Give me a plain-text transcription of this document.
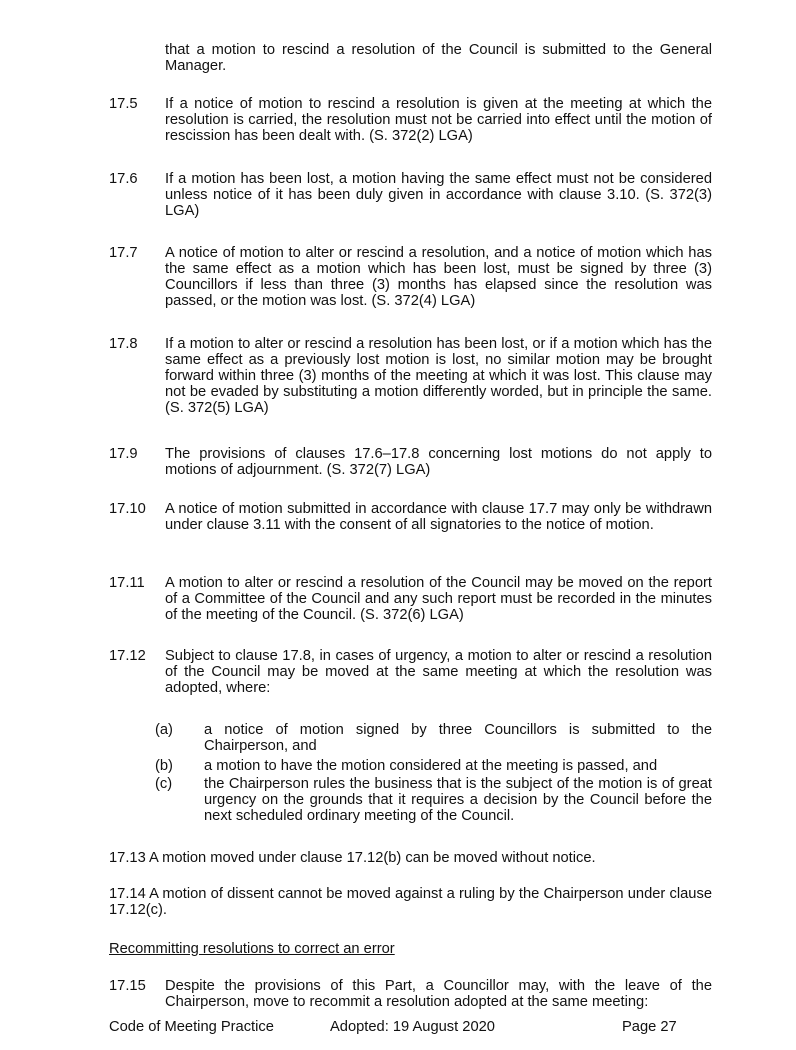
that a motion to rescind a resolution of the Council is submitted to the General Manager.
17.5 If a notice of motion to rescind a resolution is given at the meeting at which the resolution is carried, the resolution must not be carried into effect until the motion of rescission has been dealt with. (S. 372(2) LGA)
17.6 If a motion has been lost, a motion having the same effect must not be considered unless notice of it has been duly given in accordance with clause 3.10. (S. 372(3) LGA)
17.7 A notice of motion to alter or rescind a resolution, and a notice of motion which has the same effect as a motion which has been lost, must be signed by three (3) Councillors if less than three (3) months has elapsed since the resolution was passed, or the motion was lost. (S. 372(4) LGA)
17.8 If a motion to alter or rescind a resolution has been lost, or if a motion which has the same effect as a previously lost motion is lost, no similar motion may be brought forward within three (3) months of the meeting at which it was lost. This clause may not be evaded by substituting a motion differently worded, but in principle the same. (S. 372(5) LGA)
17.9 The provisions of clauses 17.6–17.8 concerning lost motions do not apply to motions of adjournment. (S. 372(7) LGA)
17.10 A notice of motion submitted in accordance with clause 17.7 may only be withdrawn under clause 3.11 with the consent of all signatories to the notice of motion.
17.11 A motion to alter or rescind a resolution of the Council may be moved on the report of a Committee of the Council and any such report must be recorded in the minutes of the meeting of the Council. (S. 372(6) LGA)
17.12 Subject to clause 17.8, in cases of urgency, a motion to alter or rescind a resolution of the Council may be moved at the same meeting at which the resolution was adopted, where:
(a) a notice of motion signed by three Councillors is submitted to the Chairperson, and
(b) a motion to have the motion considered at the meeting is passed, and
(c) the Chairperson rules the business that is the subject of the motion is of great urgency on the grounds that it requires a decision by the Council before the next scheduled ordinary meeting of the Council.
17.13 A motion moved under clause 17.12(b) can be moved without notice.
17.14 A motion of dissent cannot be moved against a ruling by the Chairperson under clause 17.12(c).
Recommitting resolutions to correct an error
17.15 Despite the provisions of this Part, a Councillor may, with the leave of the Chairperson, move to recommit a resolution adopted at the same meeting:
Code of Meeting Practice	Adopted: 19 August 2020	Page 27
